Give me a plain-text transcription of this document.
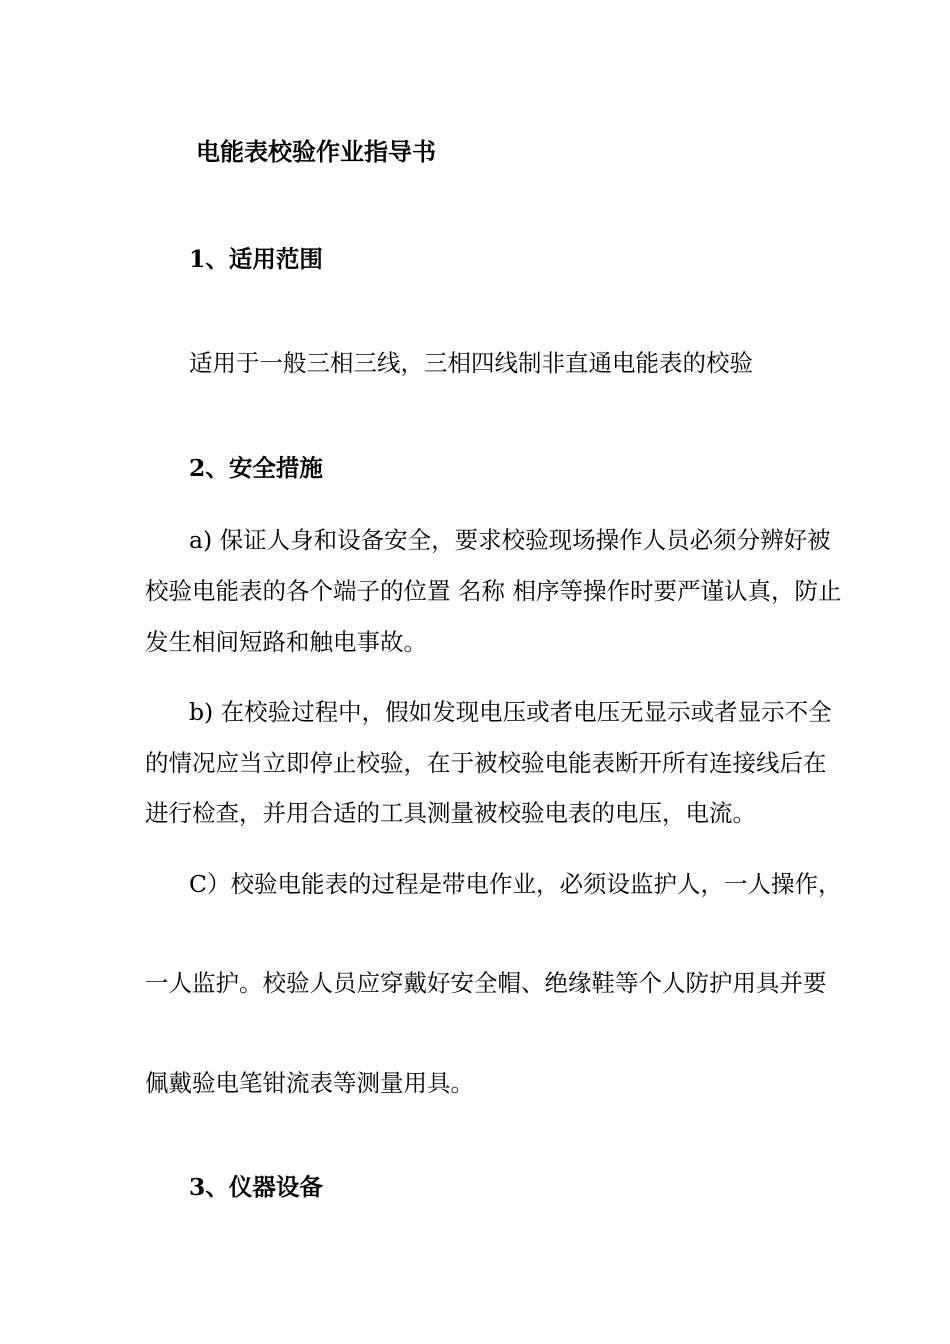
电能表校验作业指导书
1、适用范围
适用于一般三相三线，三相四线制非直通电能表的校验
2、安全措施
a) 保证人身和设备安全，要求校验现场操作人员必须分辨好被
校验电能表的各个端子的位置 名称 相序等操作时要严谨认真，防止
发生相间短路和触电事故。
b) 在校验过程中，假如发现电压或者电压无显示或者显示不全
的情况应当立即停止校验，在于被校验电能表断开所有连接线后在
进行检查，并用合适的工具测量被校验电表的电压，电流。
C）校验电能表的过程是带电作业，必须设监护人，一人操作，
一人监护。校验人员应穿戴好安全帽、绝缘鞋等个人防护用具并要
佩戴验电笔钳流表等测量用具。
3、仪器设备
